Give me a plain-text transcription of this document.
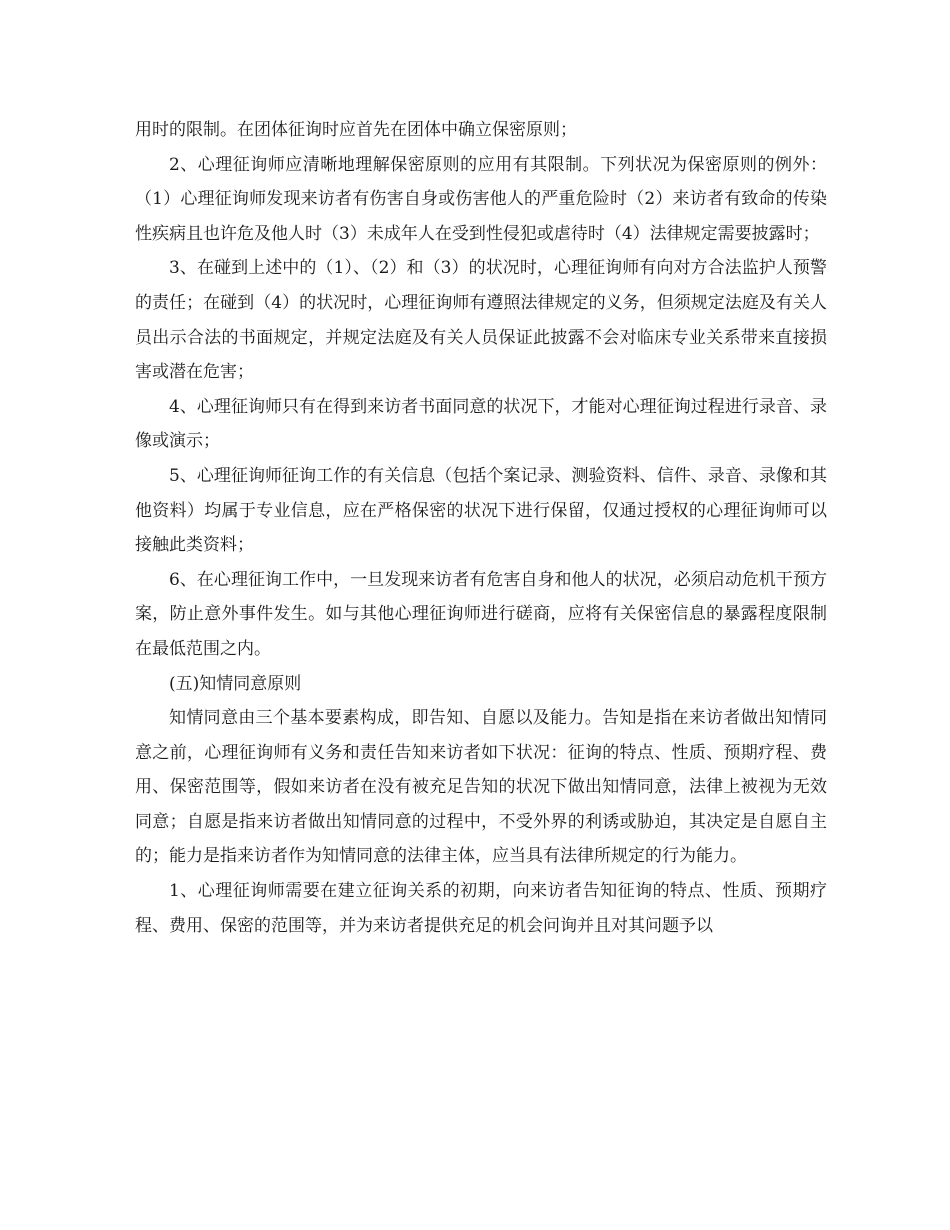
用时的限制。在团体征询时应首先在团体中确立保密原则；

2、心理征询师应清晰地理解保密原则的应用有其限制。下列状况为保密原则的例外：（1）心理征询师发现来访者有伤害自身或伤害他人的严重危险时（2）来访者有致命的传染性疾病且也许危及他人时（3）未成年人在受到性侵犯或虐待时（4）法律规定需要披露时；

3、在碰到上述中的（1）、（2）和（3）的状况时，心理征询师有向对方合法监护人预警的责任；在碰到（4）的状况时，心理征询师有遵照法律规定的义务，但须规定法庭及有关人员出示合法的书面规定，并规定法庭及有关人员保证此披露不会对临床专业关系带来直接损害或潜在危害；

4、心理征询师只有在得到来访者书面同意的状况下，才能对心理征询过程进行录音、录像或演示；

5、心理征询师征询工作的有关信息（包括个案记录、测验资料、信件、录音、录像和其他资料）均属于专业信息，应在严格保密的状况下进行保留，仅通过授权的心理征询师可以接触此类资料；

6、在心理征询工作中，一旦发现来访者有危害自身和他人的状况，必须启动危机干预方案，防止意外事件发生。如与其他心理征询师进行磋商，应将有关保密信息的暴露程度限制在最低范围之内。

(五)知情同意原则

知情同意由三个基本要素构成，即告知、自愿以及能力。告知是指在来访者做出知情同意之前，心理征询师有义务和责任告知来访者如下状况：征询的特点、性质、预期疗程、费用、保密范围等，假如来访者在没有被充足告知的状况下做出知情同意，法律上被视为无效同意；自愿是指来访者做出知情同意的过程中，不受外界的利诱或胁迫，其决定是自愿自主的；能力是指来访者作为知情同意的法律主体，应当具有法律所规定的行为能力。

1、心理征询师需要在建立征询关系的初期，向来访者告知征询的特点、性质、预期疗程、费用、保密的范围等，并为来访者提供充足的机会问询并且对其问题予以
